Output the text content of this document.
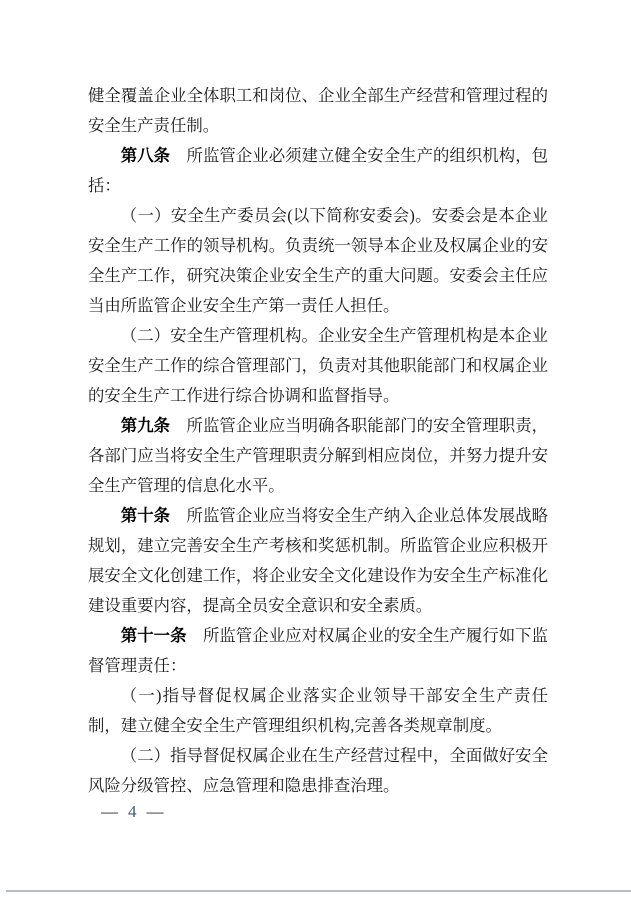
健全覆盖企业全体职工和岗位、企业全部生产经营和管理过程的安全生产责任制。

第八条　所监管企业必须建立健全安全生产的组织机构，包括：

（一）安全生产委员会(以下简称安委会)。安委会是本企业安全生产工作的领导机构。负责统一领导本企业及权属企业的安全生产工作，研究决策企业安全生产的重大问题。安委会主任应当由所监管企业安全生产第一责任人担任。

（二）安全生产管理机构。企业安全生产管理机构是本企业安全生产工作的综合管理部门，负责对其他职能部门和权属企业的安全生产工作进行综合协调和监督指导。

第九条　所监管企业应当明确各职能部门的安全管理职责，各部门应当将安全生产管理职责分解到相应岗位，并努力提升安全生产管理的信息化水平。

第十条　所监管企业应当将安全生产纳入企业总体发展战略规划，建立完善安全生产考核和奖惩机制。所监管企业应积极开展安全文化创建工作，将企业安全文化建设作为安全生产标准化建设重要内容，提高全员安全意识和安全素质。

第十一条　所监管企业应对权属企业的安全生产履行如下监督管理责任：

（一)指导督促权属企业落实企业领导干部安全生产责任制，建立健全安全生产管理组织机构,完善各类规章制度。

（二）指导督促权属企业在生产经营过程中，全面做好安全风险分级管控、应急管理和隐患排查治理。

— 4 —
